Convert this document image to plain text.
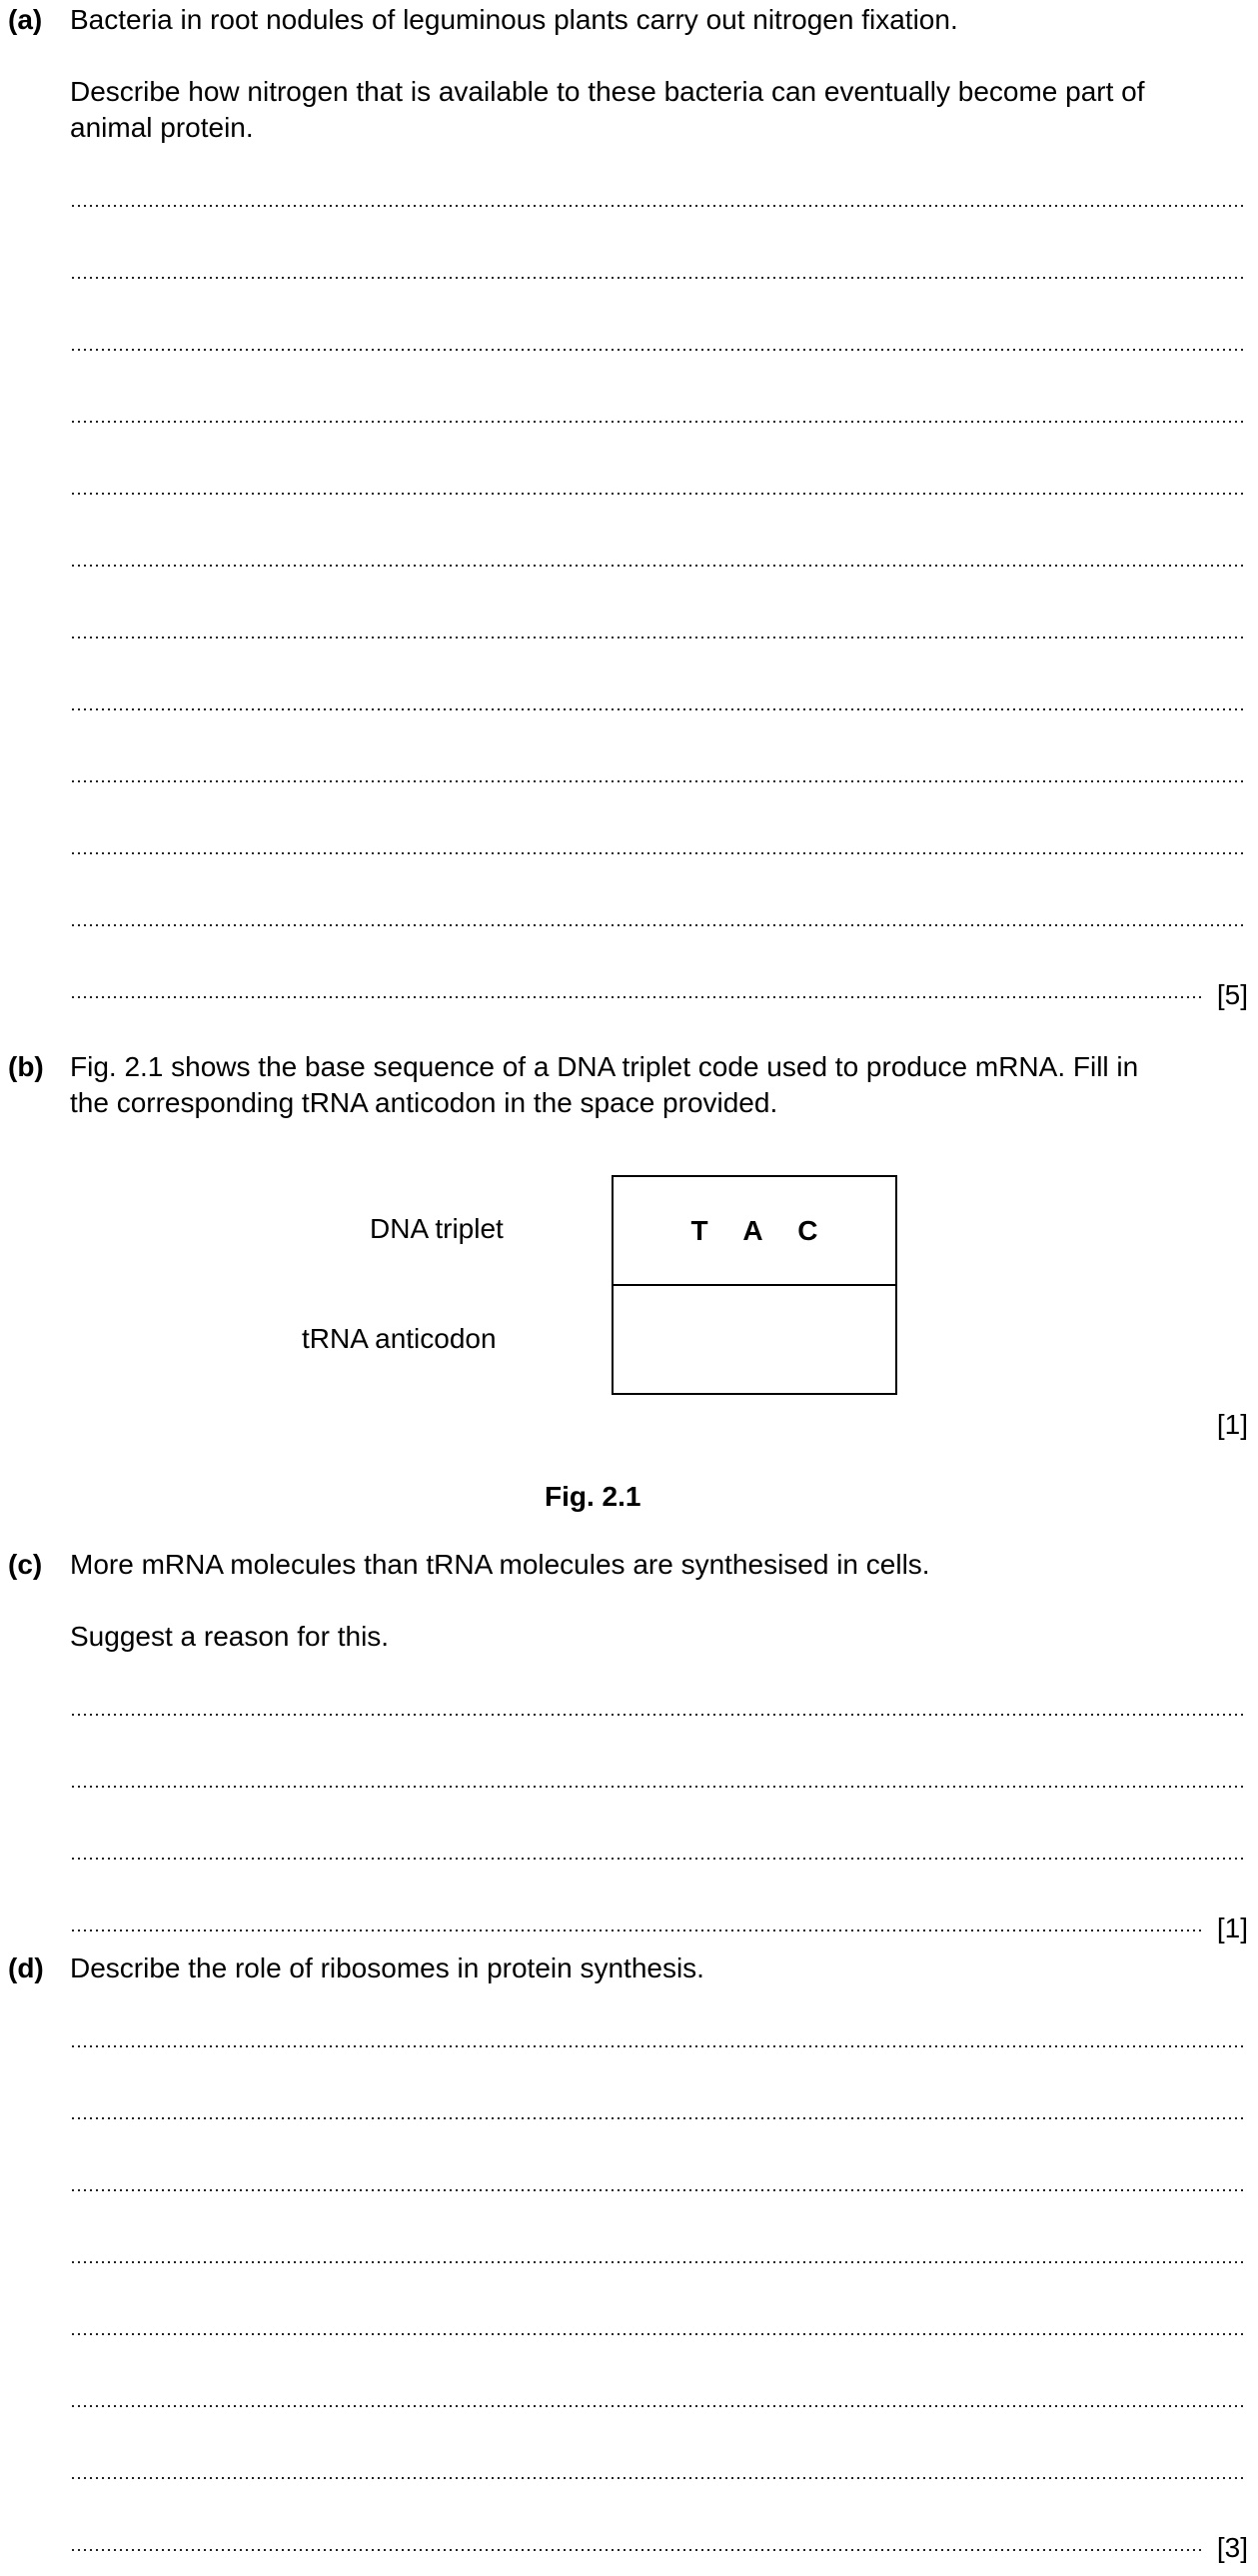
(a) Bacteria in root nodules of leguminous plants carry out nitrogen fixation.
Describe how nitrogen that is available to these bacteria can eventually become part of
animal protein.
[5]
(b) Fig. 2.1 shows the base sequence of a DNA triplet code used to produce mRNA. Fill in
the corresponding tRNA anticodon in the space provided.
DNA triplet
tRNA anticodon
T A C
[1]
Fig. 2.1
(c) More mRNA molecules than tRNA molecules are synthesised in cells.
Suggest a reason for this.
[1]
(d) Describe the role of ribosomes in protein synthesis.
[3]
